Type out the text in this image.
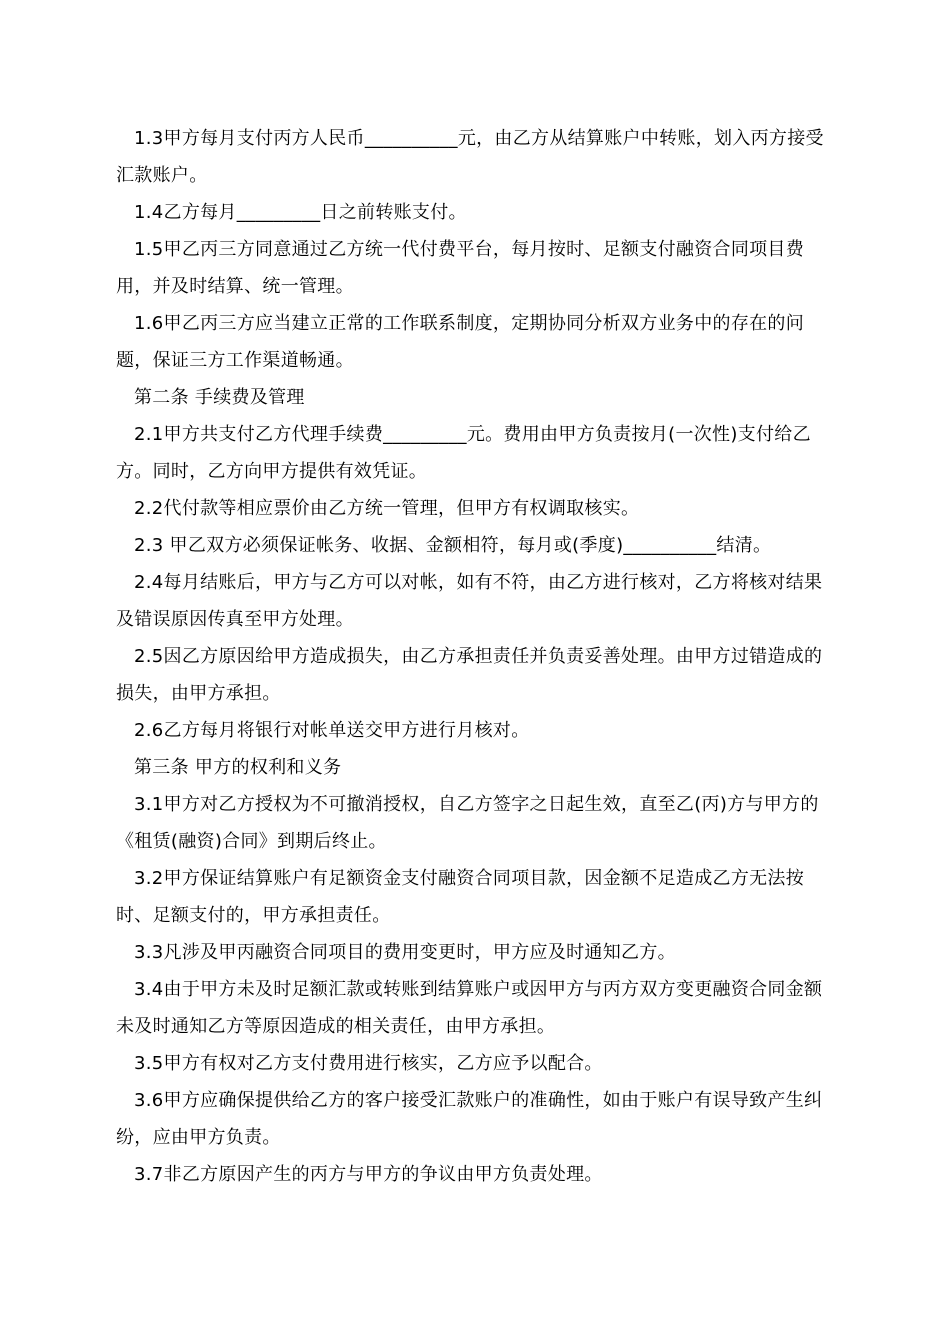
1.3甲方每月支付丙方人民币__________元，由乙方从结算账户中转账，划入丙方接受汇款账户。

1.4乙方每月_________日之前转账支付。

1.5甲乙丙三方同意通过乙方统一代付费平台，每月按时、足额支付融资合同项目费用，并及时结算、统一管理。

1.6甲乙丙三方应当建立正常的工作联系制度，定期协同分析双方业务中的存在的问题，保证三方工作渠道畅通。

第二条 手续费及管理

2.1甲方共支付乙方代理手续费_________元。费用由甲方负责按月(一次性)支付给乙方。同时，乙方向甲方提供有效凭证。

2.2代付款等相应票价由乙方统一管理，但甲方有权调取核实。

2.3 甲乙双方必须保证帐务、收据、金额相符，每月或(季度)__________结清。

2.4每月结账后，甲方与乙方可以对帐，如有不符，由乙方进行核对，乙方将核对结果及错误原因传真至甲方处理。

2.5因乙方原因给甲方造成损失，由乙方承担责任并负责妥善处理。由甲方过错造成的损失，由甲方承担。

2.6乙方每月将银行对帐单送交甲方进行月核对。

第三条 甲方的权利和义务

3.1甲方对乙方授权为不可撤消授权，自乙方签字之日起生效，直至乙(丙)方与甲方的《租赁(融资)合同》到期后终止。

3.2甲方保证结算账户有足额资金支付融资合同项目款，因金额不足造成乙方无法按时、足额支付的，甲方承担责任。

3.3凡涉及甲丙融资合同项目的费用变更时，甲方应及时通知乙方。

3.4由于甲方未及时足额汇款或转账到结算账户或因甲方与丙方双方变更融资合同金额未及时通知乙方等原因造成的相关责任，由甲方承担。

3.5甲方有权对乙方支付费用进行核实，乙方应予以配合。

3.6甲方应确保提供给乙方的客户接受汇款账户的准确性，如由于账户有误导致产生纠纷，应由甲方负责。

3.7非乙方原因产生的丙方与甲方的争议由甲方负责处理。
